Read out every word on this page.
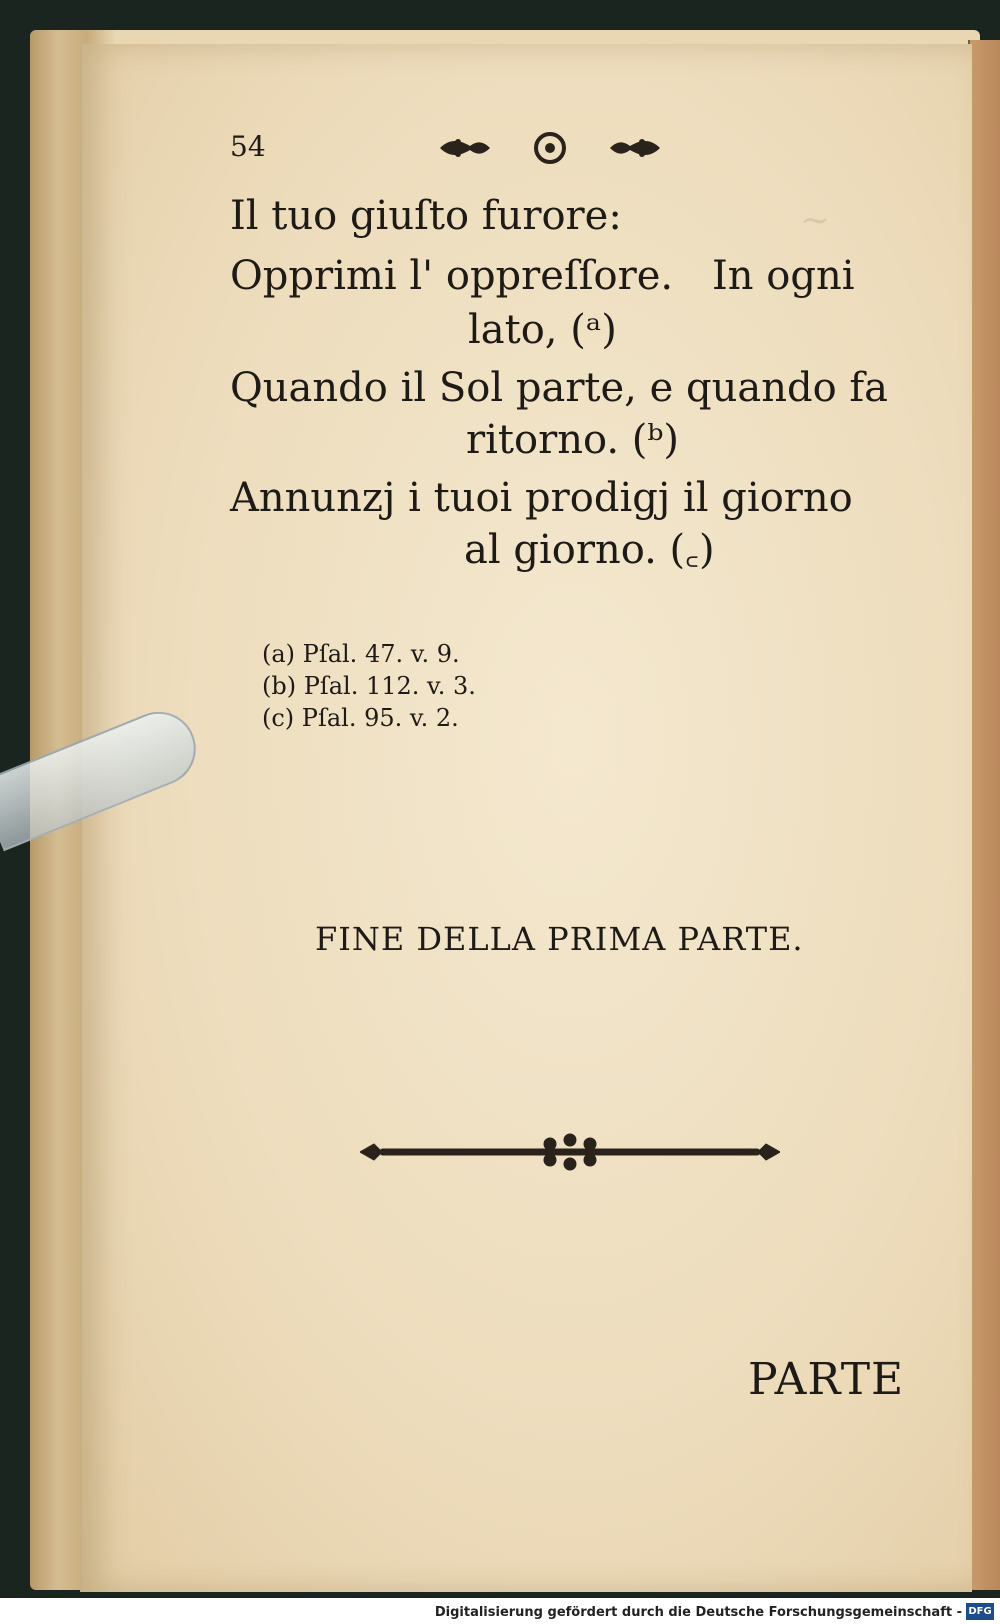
~
54
Il tuo giuſto furore:
Opprimi l' oppreſſore. In ogni
lato, (ᵃ)
Quando il Sol parte, e quando fa
ritorno. (ᵇ)
Annunzj i tuoi prodigj il giorno
al giorno. (꜀)
(a) Pſal. 47. v. 9.
(b) Pſal. 112. v. 3.
(c) Pſal. 95. v. 2.
FINE DELLA PRIMA PARTE.
PARTE
Digitalisierung gefördert durch die Deutsche Forschungsgemeinschaft - DFG
